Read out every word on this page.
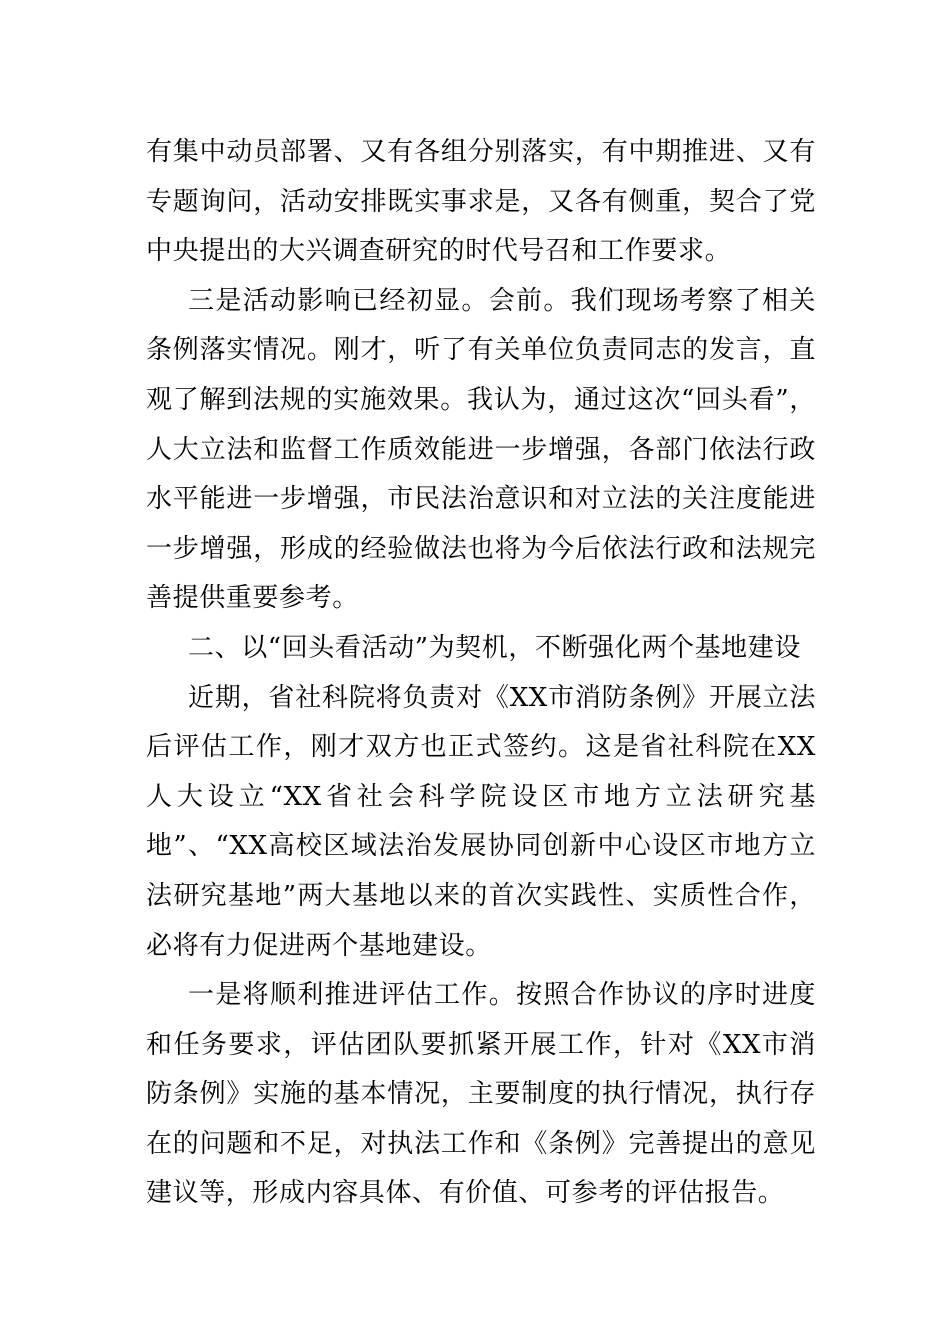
有集中动员部署、又有各组分别落实，有中期推进、又有专题询问，活动安排既实事求是，又各有侧重，契合了党中央提出的大兴调查研究的时代号召和工作要求。

三是活动影响已经初显。会前。我们现场考察了相关条例落实情况。刚才，听了有关单位负责同志的发言，直观了解到法规的实施效果。我认为，通过这次“回头看”，人大立法和监督工作质效能进一步增强，各部门依法行政水平能进一步增强，市民法治意识和对立法的关注度能进一步增强，形成的经验做法也将为今后依法行政和法规完善提供重要参考。

二、以“回头看活动”为契机，不断强化两个基地建设

近期，省社科院将负责对《XX市消防条例》开展立法后评估工作，刚才双方也正式签约。这是省社科院在XX人大设立“XX省社会科学院设区市地方立法研究基地”、“XX高校区域法治发展协同创新中心设区市地方立法研究基地”两大基地以来的首次实践性、实质性合作，必将有力促进两个基地建设。

一是将顺利推进评估工作。按照合作协议的序时进度和任务要求，评估团队要抓紧开展工作，针对《XX市消防条例》实施的基本情况，主要制度的执行情况，执行存在的问题和不足，对执法工作和《条例》完善提出的意见建议等，形成内容具体、有价值、可参考的评估报告。
